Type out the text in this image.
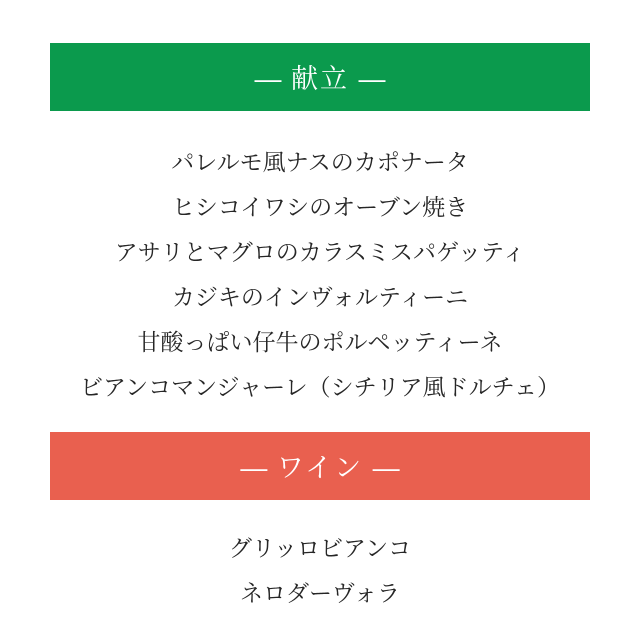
— 献立 —
パレルモ風ナスのカポナータ
ヒシコイワシのオーブン焼き
アサリとマグロのカラスミスパゲッティ
カジキのインヴォルティーニ
甘酸っぱい仔牛のポルペッティーネ
ビアンコマンジャーレ（シチリア風ドルチェ）
— ワイン —
グリッロビアンコ
ネロダーヴォラ
